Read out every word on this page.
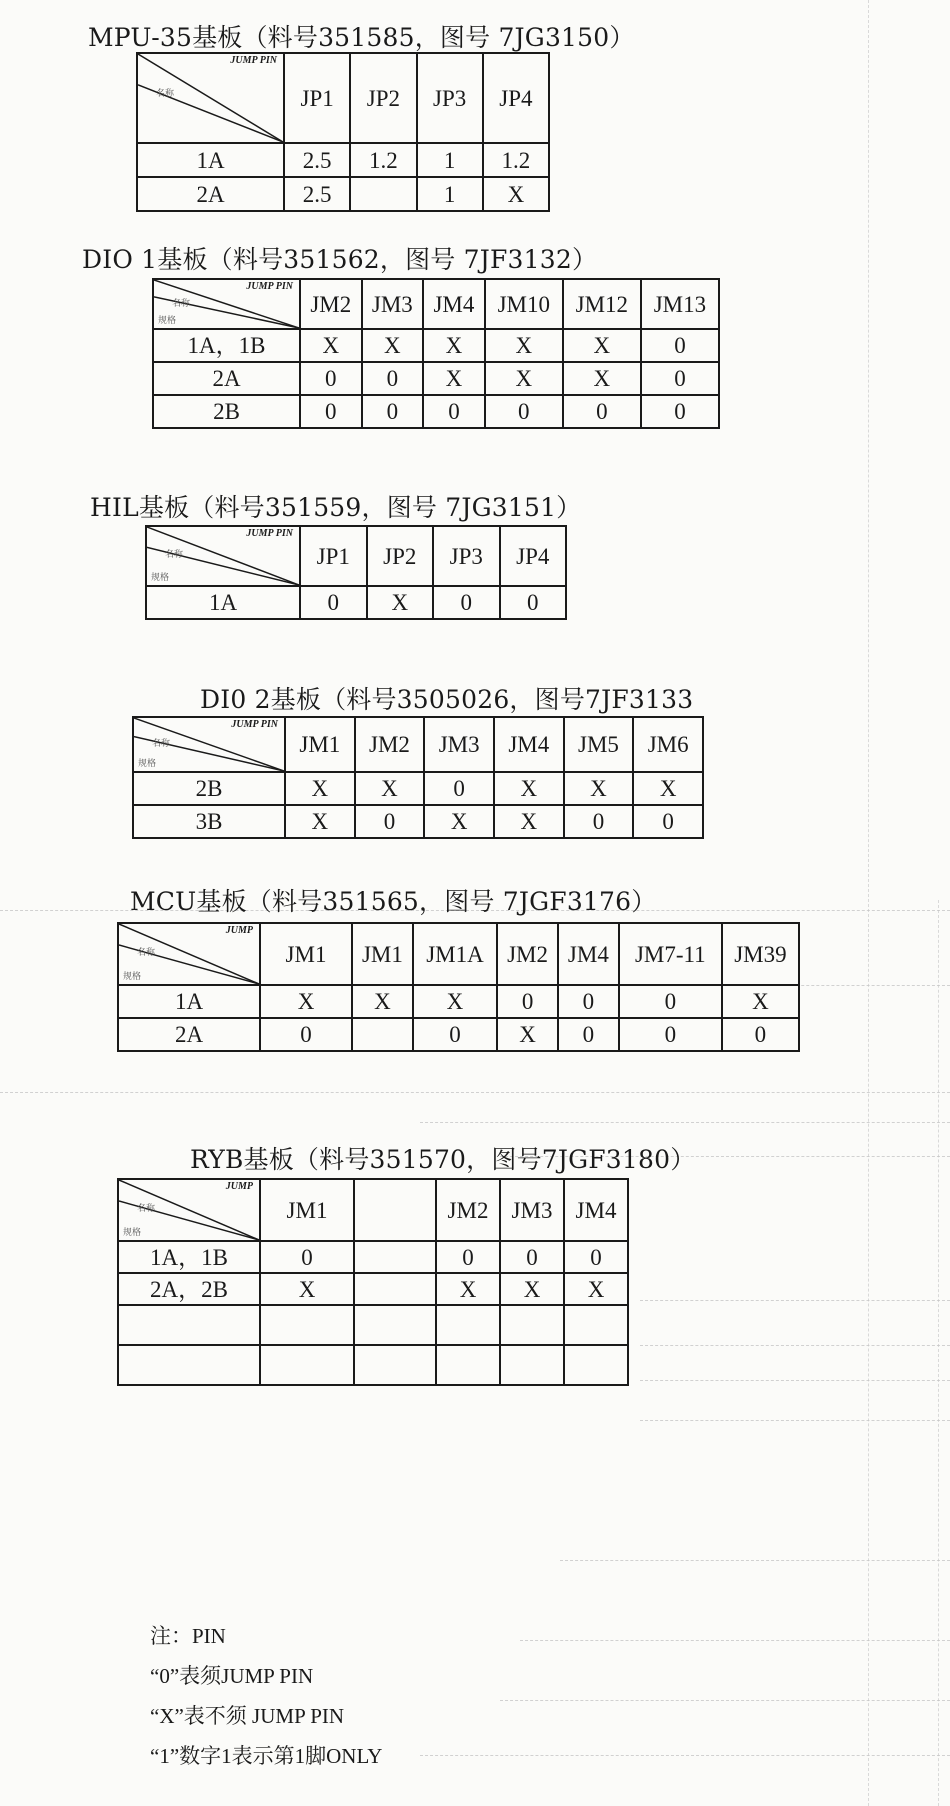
MPU-35基板（料号351585，图号 7JG3150）
JUMP PIN
名称	JP1	JP2	JP3	JP4
1A	2.5	1.2	1	1.2
2A	2.5		1	X
DIO 1基板（料号351562，图号 7JF3132）
JUMP PIN
名称
规格	JM2	JM3	JM4	JM10	JM12	JM13
1A，1B	X	X	X	X	X	0
2A	0	0	X	X	X	0
2B	0	0	0	0	0	0
HIL基板（料号351559，图号 7JG3151）
JUMP PIN
名称
规格	JP1	JP2	JP3	JP4
1A	0	X	0	0
DI0 2基板（料号3505026，图号7JF3133
JUMP PIN
名称
规格	JM1	JM2	JM3	JM4	JM5	JM6
2B	X	X	0	X	X	X
3B	X	0	X	X	0	0
MCU基板（料号351565，图号 7JGF3176）
JUMP
名称
规格	JM1	JM1	JM1A	JM2	JM4	JM7-11	JM39
1A	X	X	X	0	0	0	X
2A	0		0	X	0	0	0
RYB基板（料号351570，图号7JGF3180）
JUMP
名称
规格	JM1		JM2	JM3	JM4
1A，1B	0		0	0	0
2A，2B	X		X	X	X

注：PIN
“0”表须JUMP PIN
“X”表不须 JUMP PIN
“1”数字1表示第1脚ONLY
